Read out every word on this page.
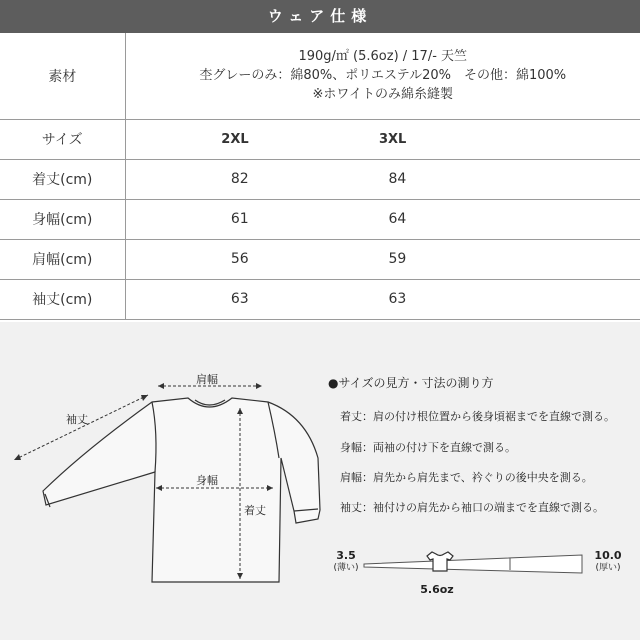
ウェア仕様
素材	190g/㎡ (5.6oz) / 17/- 天竺
杢グレーのみ：綿80%、ポリエステル20%　その他：綿100%
※ホワイトのみ綿糸縫製		

サイズ	2XL	3XL	
着丈(cm)	82	84	
身幅(cm)	61	64	
肩幅(cm)	56	59	
袖丈(cm)	63	63	
肩幅
袖丈
身幅
着丈
●サイズの見方・寸法の測り方
着丈：肩の付け根位置から後身頃裾までを直線で測る。
身幅：両袖の付け下を直線で測る。
肩幅：肩先から肩先まで、衿ぐりの後中央を測る。
袖丈：袖付けの肩先から袖口の端までを直線で測る。
3.5
(薄い)
10.0
(厚い)
5.6oz
